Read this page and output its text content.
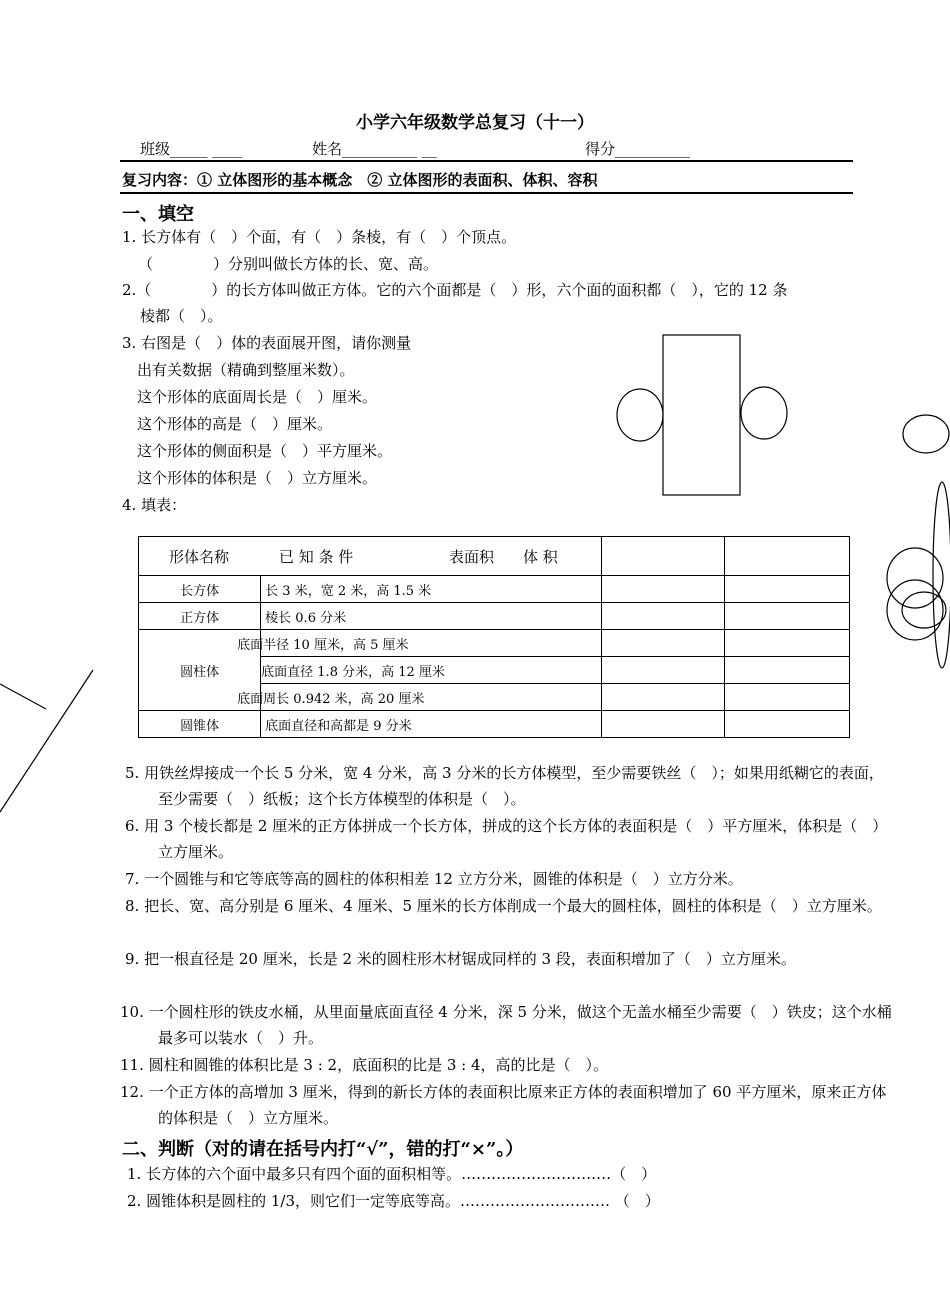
小学六年级数学总复习（十一）
班级_____ ____	姓名__________ __	得分__________
复习内容：① 立体图形的基本概念　② 立体图形的表面积、体积、容积
一、填空
1. 长方体有（　）个面，有（　）条棱，有（　）个顶点。
（　　　　）分别叫做长方体的长、宽、高。
2.（　　　　）的长方体叫做正方体。它的六个面都是（　）形，六个面的面积都（　），它的 12 条
棱都（　）。
3. 右图是（　）体的表面展开图，请你测量
出有关数据（精确到整厘米数）。
这个形体的底面周长是（　）厘米。
这个形体的高是（　）厘米。
这个形体的侧面积是（　）平方厘米。
这个形体的体积是（　）立方厘米。
4. 填表：
形体名称	已 知 条 件	表面积 体 积		
长方体	长 3 米，宽 2 米，高 1.5 米		
正方体	棱长 0.6 分米		
圆柱体	底面半径 10 厘米，高 5 厘米		
底面直径 1.8 分米，高 12 厘米		
底面周长 0.942 米，高 20 厘米		
圆锥体	底面直径和高都是 9 分米		
5. 用铁丝焊接成一个长 5 分米，宽 4 分米，高 3 分米的长方体模型，至少需要铁丝（　）；如果用纸糊它的表面，至少需要（　）纸板；这个长方体模型的体积是（　）。
6. 用 3 个棱长都是 2 厘米的正方体拼成一个长方体，拼成的这个长方体的表面积是（　）平方厘米，体积是（　）立方厘米。
7. 一个圆锥与和它等底等高的圆柱的体积相差 12 立方分米，圆锥的体积是（　）立方分米。
8. 把长、宽、高分别是 6 厘米、4 厘米、5 厘米的长方体削成一个最大的圆柱体，圆柱的体积是（　）立方厘米。
9. 把一根直径是 20 厘米，长是 2 米的圆柱形木材锯成同样的 3 段，表面积增加了（　）立方厘米。
10. 一个圆柱形的铁皮水桶，从里面量底面直径 4 分米，深 5 分米，做这个无盖水桶至少需要（　）铁皮；这个水桶最多可以装水（　）升。
11. 圆柱和圆锥的体积比是 3 : 2，底面积的比是 3 : 4，高的比是（　）。
12. 一个正方体的高增加 3 厘米，得到的新长方体的表面积比原来正方体的表面积增加了 60 平方厘米，原来正方体的体积是（　）立方厘米。
二、判断（对的请在括号内打“√”，错的打“×”。）
1. 长方体的六个面中最多只有四个面的面积相等。…………………………（　）
2. 圆锥体积是圆柱的 1/3，则它们一定等底等高。………………………… （　）
